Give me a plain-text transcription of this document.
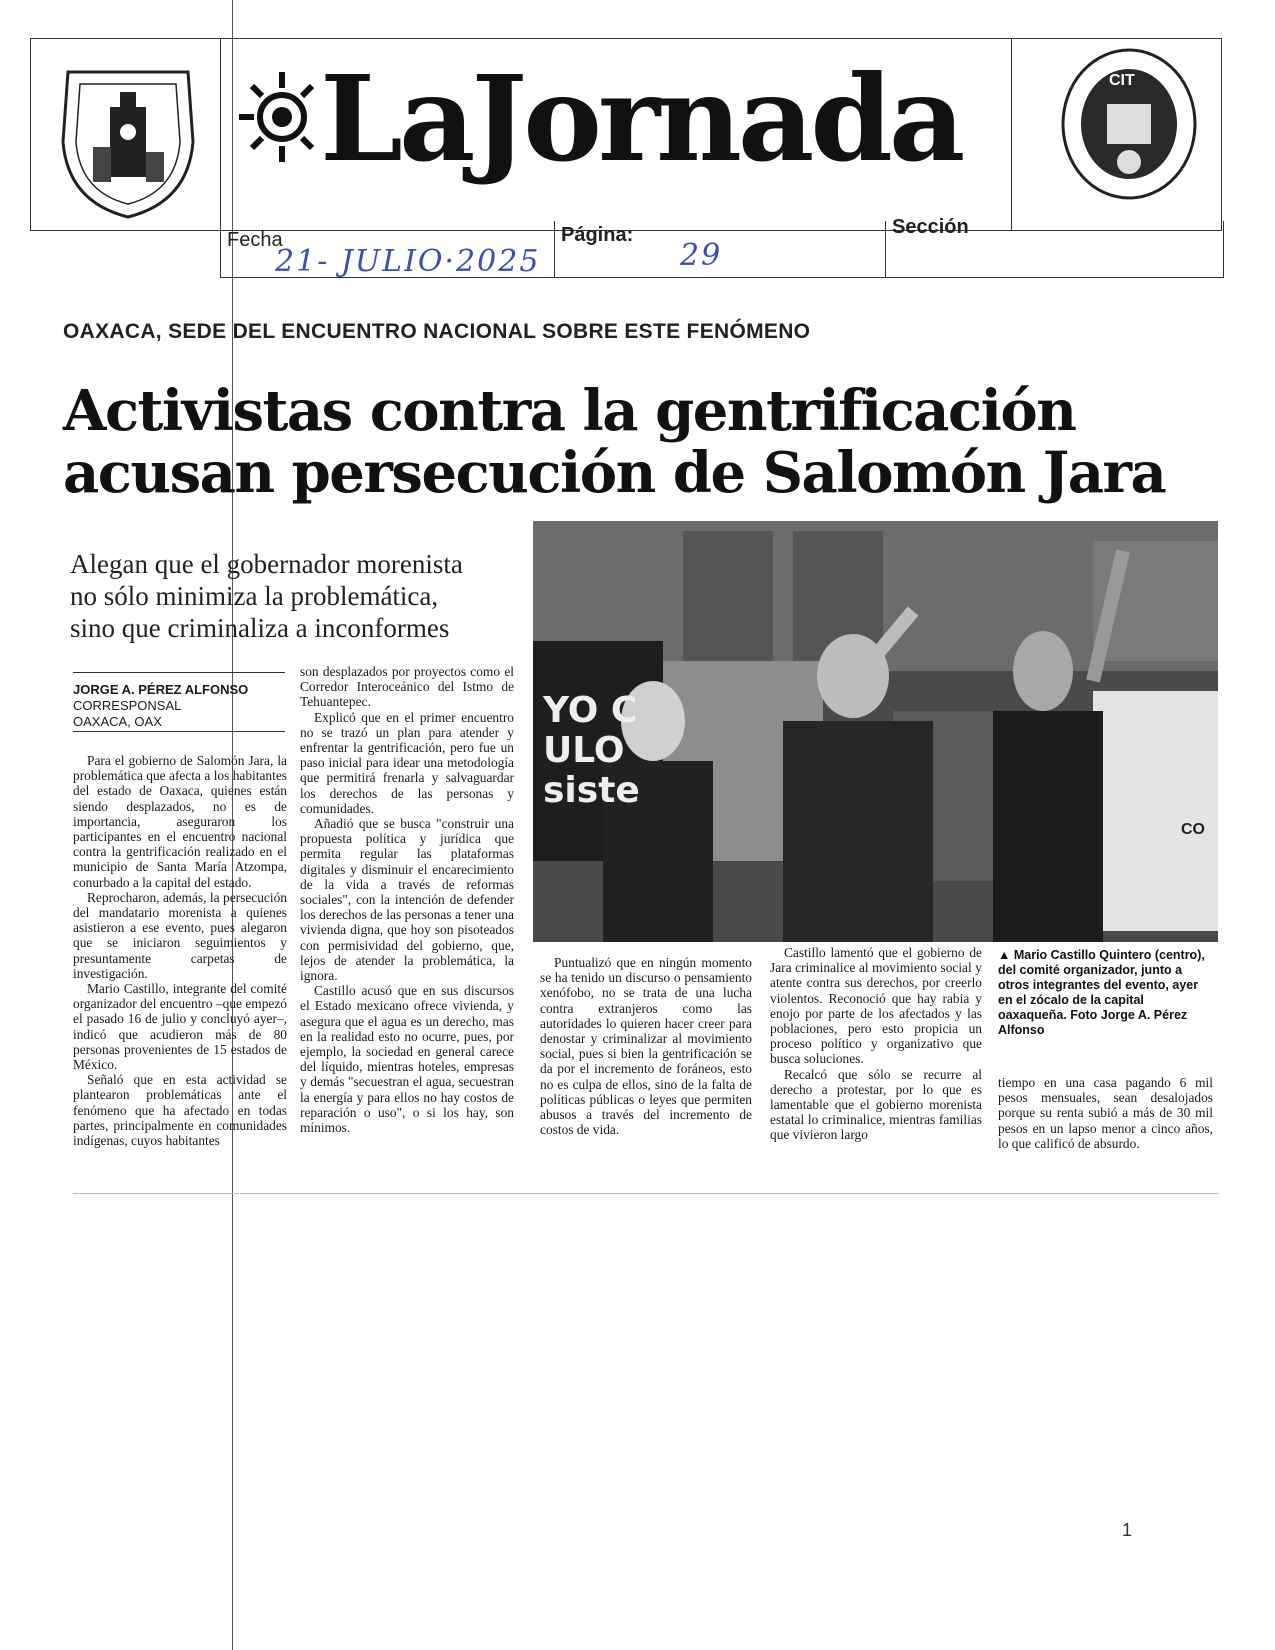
LaJornada	CIT
Fecha
21- JULIO·2025
Página:
29
Sección
OAXACA, SEDE DEL ENCUENTRO NACIONAL SOBRE ESTE FENÓMENO
Activistas contra la gentrificación
acusan persecución de Salomón Jara
Alegan que el gobernador morenista
no sólo minimiza la problemática,
sino que criminaliza a inconformes
JORGE A. PÉREZ ALFONSO
CORRESPONSAL
OAXACA, OAX

Para el gobierno de Salomón Jara, la problemática que afecta a los habitantes del estado de Oaxaca, quienes están siendo desplazados, no es de importancia, aseguraron los participantes en el encuentro nacional contra la gentrificación realizado en el municipio de Santa María Atzompa, conurbado a la capital del estado.

Reprocharon, además, la persecución del mandatario morenista a quienes asistieron a ese evento, pues alegaron que se iniciaron seguimientos y presuntamente carpetas de investigación.

Mario Castillo, integrante del comité organizador del encuentro –que empezó el pasado 16 de julio y concluyó ayer–, indicó que acudieron más de 80 personas provenientes de 15 estados de México.

Señaló que en esta actividad se plantearon problemáticas ante el fenómeno que ha afectado en todas partes, principalmente en comunidades indígenas, cuyos habitantes

son desplazados por proyectos como el Corredor Interoceánico del Istmo de Tehuantepec.

Explicó que en el primer encuentro no se trazó un plan para atender y enfrentar la gentrificación, pero fue un paso inicial para idear una metodología que permitirá frenarla y salvaguardar los derechos de las personas y comunidades.

Añadió que se busca "construir una propuesta política y jurídica que permita regular las plataformas digitales y disminuir el encarecimiento de la vida a través de reformas sociales", con la intención de defender los derechos de las personas a tener una vivienda digna, que hoy son pisoteados con permisividad del gobierno, que, lejos de atender la problemática, la ignora.

Castillo acusó que en sus discursos el Estado mexicano ofrece vivienda, y asegura que el agua es un derecho, mas en la realidad esto no ocurre, pues, por ejemplo, la sociedad en general carece del líquido, mientras hoteles, empresas y demás "secuestran el agua, secuestran la energía y para ellos no hay costos de reparación o uso", o si los hay, son mínimos.

YO CULO siste
CO

Puntualizó que en ningún momento se ha tenido un discurso o pensamiento xenófobo, no se trata de una lucha contra extranjeros como las autoridades lo quieren hacer creer para denostar y criminalizar al movimiento social, pues si bien la gentrificación se da por el incremento de foráneos, esto no es culpa de ellos, sino de la falta de políticas públicas o leyes que permiten abusos a través del incremento de costos de vida.

Castillo lamentó que el gobierno de Jara criminalice al movimiento social y atente contra sus derechos, por creerlo violentos. Reconoció que hay rabia y enojo por parte de los afectados y las poblaciones, pero esto propicia un proceso político y organizativo que busca soluciones.

Recalcó que sólo se recurre al derecho a protestar, por lo que es lamentable que el gobierno morenista estatal lo criminalice, mientras familias que vivieron largo

▲ Mario Castillo Quintero (centro), del comité organizador, junto a otros integrantes del evento, ayer en el zócalo de la capital oaxaqueña. Foto Jorge A. Pérez Alfonso

tiempo en una casa pagando 6 mil pesos mensuales, sean desalojados porque su renta subió a más de 30 mil pesos en un lapso menor a cinco años, lo que calificó de absurdo.

1
